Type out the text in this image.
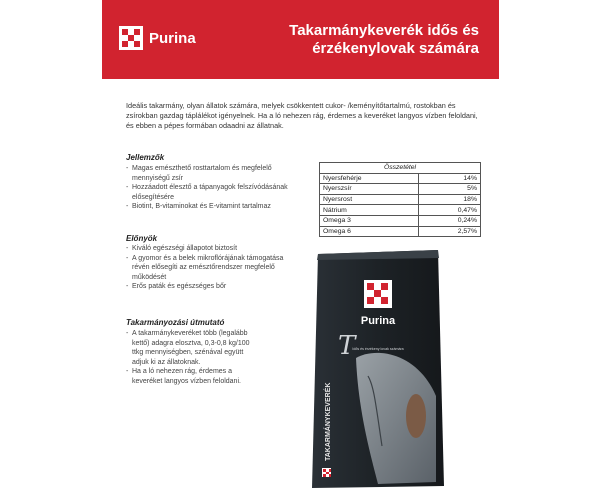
Purina	Takarmánykeverék idős és érzékenylovak számára
Ideális takarmány, olyan állatok számára, melyek csökkentett cukor- /keményítőtartalmú, rostokban és zsírokban gazdag táplálékot igényelnek. Ha a ló nehezen rág, érdemes a keveréket langyos vízben feloldani, és ebben a pépes formában odaadni az állatnak.
Jellemzők
- Magas emészthető rosttartalom és megfelelő mennyiségű zsír
- Hozzáadott élesztő a tápanyagok felszívódásának elősegítésére
- Biotint, B-vitaminokat és E-vitamint tartalmaz
Összetétel	
Nyersfehérje	14%
Nyerszsír	5%
Nyersrost	18%
Nátrium	0,47%
Omega 3	0,24%
Omega 6	2,57%
Előnyök
- Kiváló egészségi állapotot biztosít
- A gyomor és a belek mikroflórájának támogatása révén elősegíti az emésztőrendszer megfelelő működését
- Erős paták és egészséges bőr
Takarmányozási útmutató
- A takarmánykeveréket több (legalább kettő) adagra elosztva, 0,3-0,8 kg/100 ttkg mennyiségben, szénával együtt adjuk ki az állatoknak.
- Ha a ló nehezen rág, érdemes a keveréket langyos vízben feloldani.
Purina
T
Idős és érzékeny lovak számára
TAKARMÁNYKEVERÉK
